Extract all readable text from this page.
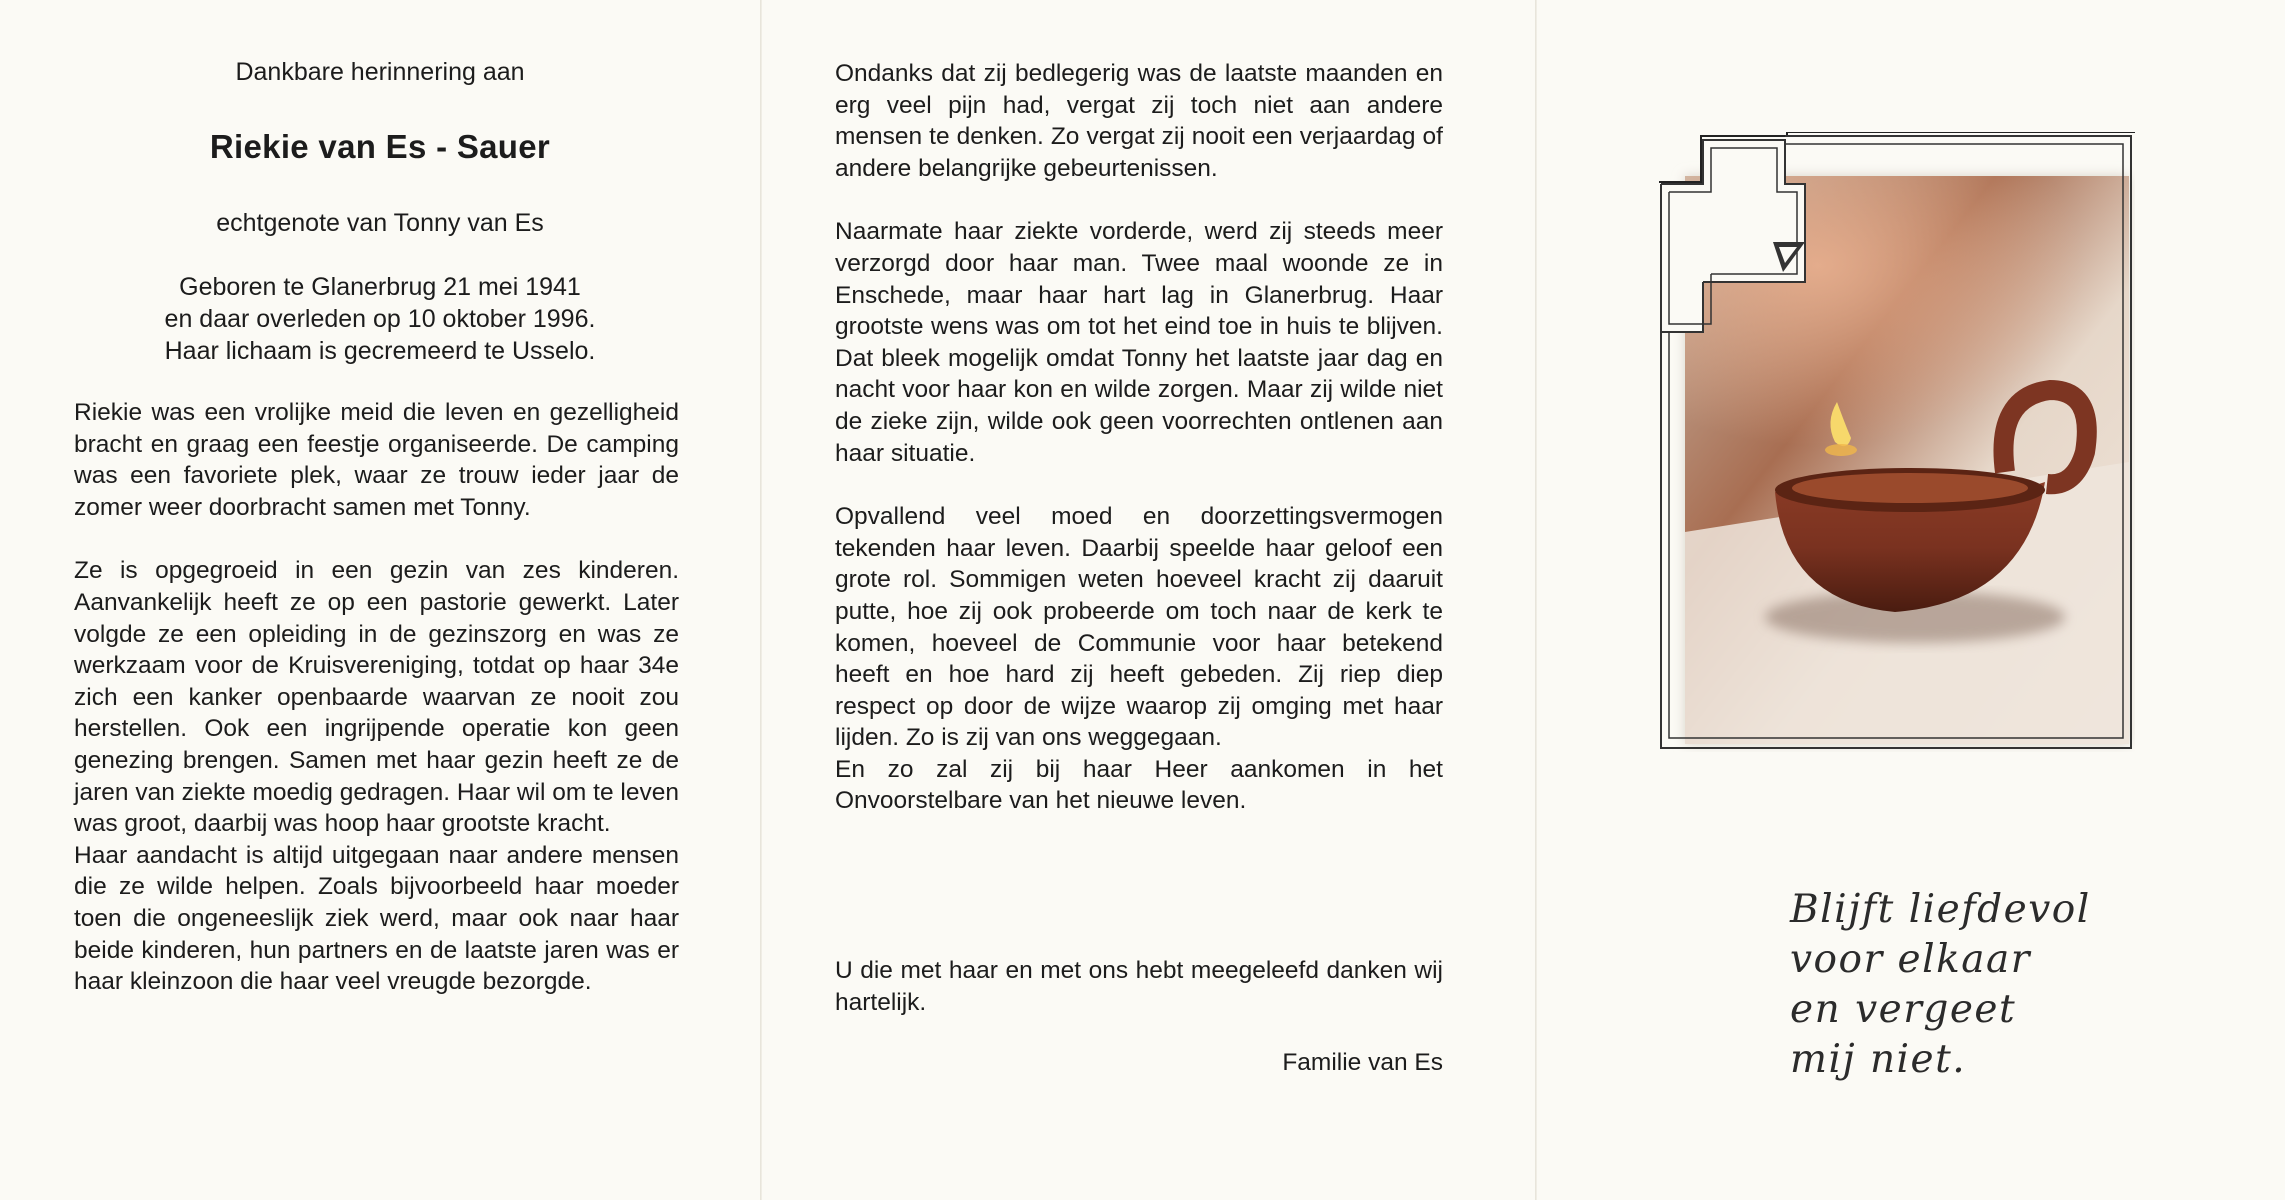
Dankbare herinnering aan
Riekie van Es - Sauer
echtgenote van Tonny van Es
Geboren te Glanerbrug 21 mei 1941
en daar overleden op 10 oktober 1996.
Haar lichaam is gecremeerd te Usselo.

Riekie was een vrolijke meid die leven en gezelligheid bracht en graag een feestje organiseerde. De camping was een favoriete plek, waar ze trouw ieder jaar de zomer weer doorbracht samen met Tonny.

Ze is opgegroeid in een gezin van zes kinderen. Aanvankelijk heeft ze op een pastorie gewerkt. Later volgde ze een opleiding in de gezinszorg en was ze werkzaam voor de Kruisvereniging, totdat op haar 34e zich een kanker openbaarde waarvan ze nooit zou herstellen. Ook een ingrijpende operatie kon geen genezing brengen. Samen met haar gezin heeft ze de jaren van ziekte moedig gedragen. Haar wil om te leven was groot, daarbij was hoop haar grootste kracht.

Haar aandacht is altijd uitgegaan naar andere mensen die ze wilde helpen. Zoals bijvoorbeeld haar moeder toen die ongeneeslijk ziek werd, maar ook naar haar beide kinderen, hun partners en de laatste jaren was er haar kleinzoon die haar veel vreugde bezorgde.

Ondanks dat zij bedlegerig was de laatste maanden en erg veel pijn had, vergat zij toch niet aan andere mensen te denken. Zo vergat zij nooit een verjaardag of andere belangrijke gebeurtenissen.

Naarmate haar ziekte vorderde, werd zij steeds meer verzorgd door haar man. Twee maal woonde ze in Enschede, maar haar hart lag in Glanerbrug. Haar grootste wens was om tot het eind toe in huis te blijven. Dat bleek mogelijk omdat Tonny het laatste jaar dag en nacht voor haar kon en wilde zorgen. Maar zij wilde niet de zieke zijn, wilde ook geen voorrechten ontlenen aan haar situatie.

Opvallend veel moed en doorzettingsvermogen tekenden haar leven. Daarbij speelde haar geloof een grote rol. Sommigen weten hoeveel kracht zij daaruit putte, hoe zij ook probeerde om toch naar de kerk te komen, hoeveel de Communie voor haar betekend heeft en hoe hard zij heeft gebeden. Zij riep diep respect op door de wijze waarop zij omging met haar lijden. Zo is zij van ons weggegaan.

En zo zal zij bij haar Heer aankomen in het Onvoorstelbare van het nieuwe leven.

U die met haar en met ons hebt meegeleefd danken wij hartelijk.
Familie van Es
Blijft liefdevol
voor elkaar
en vergeet
mij niet.
